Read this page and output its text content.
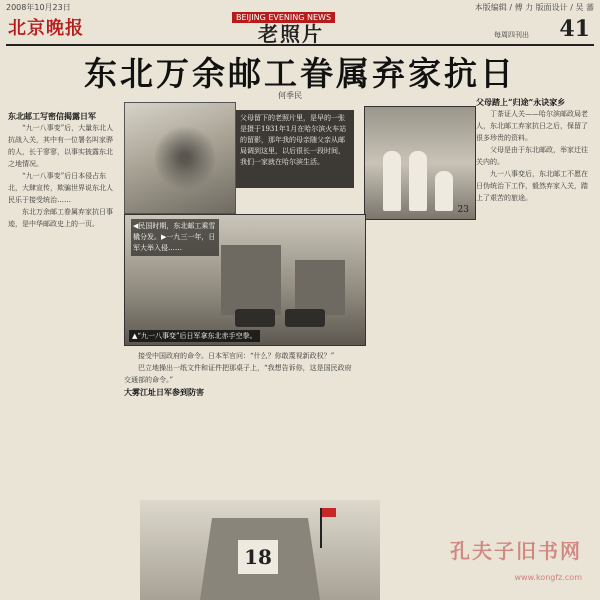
2008年10月23日	本版编辑 / 傅 力 版面设计 / 吴 蕃
北京晚报
BEIJING EVENING NEWS
老照片	每周四刊出 41
东北万余邮工眷属弃家抗日
何季民

东北邮工写密信揭露日军

“九一八事变”后，大量东北人抗战入关，其中有一位署名叫家骅的人，长于寥寥，以事实披露东北之地情况。

“九一八事变”后日本侵占东北，大肆宣传，欺骗世界说东北人民乐于接受统治……

东北万余邮工眷属弃家抗日事迹，是中华邮政史上的一页。

父母留下的老照片里，是早的一张是摄于1931年1月在哈尔滨火车站的留影，那年我的母亲随父亲从邮局调到这里，以后很长一段时间，我们一家就在哈尔滨生活。
23
◀民国时期，东北邮工乘雪橇分发。▶一九三一年，日军大举入侵……
▲“九一八事变”后日军拿东北赤手空拳。

接受中国政府的命令。日本军官问：“什么？你敢蔑视新政权？”

巴立地操出一纸文件和证件把那桌子上，“我想告诉你，这是国民政府交通部的命令。”

大雾江址日军参到防害

父母踏上“归途”永诀家乡

丁茶证人关——哈尔滨邮政局老人，东北邮工弃家抗日之后，保留了很多珍贵的资料。

父母是由于东北邮政，举家迁往关内的。

九一八事变后，东北邮工不愿在日伪统治下工作，毅然弃家入关，踏上了艰苦的旅途。

18	孔夫子旧书网
www.kongfz.com
